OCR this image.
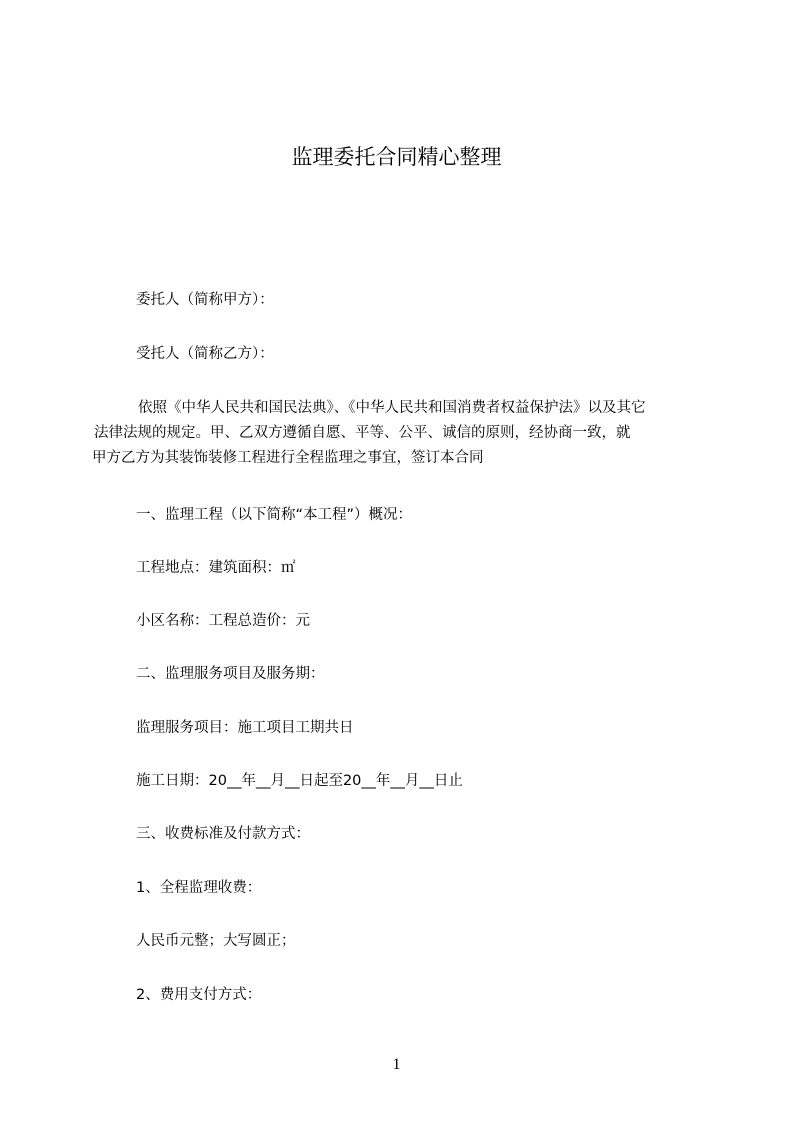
监理委托合同精心整理

委托人（简称甲方）：

受托人（简称乙方）：

依照《中华人民共和国民法典》、《中华人民共和国消费者权益保护法》以及其它
法律法规的规定。甲、乙双方遵循自愿、平等、公平、诚信的原则，经协商一致，就
甲方乙方为其装饰装修工程进行全程监理之事宜，签订本合同

一、监理工程（以下简称“本工程”）概况：

工程地点：建筑面积：㎡

小区名称：工程总造价：元

二、监理服务项目及服务期：

监理服务项目：施工项目工期共日

施工日期：20__年__月__日起至20__年__月__日止

三、收费标准及付款方式：

1、全程监理收费：

人民币元整；大写圆正；

2、费用支付方式：

1
